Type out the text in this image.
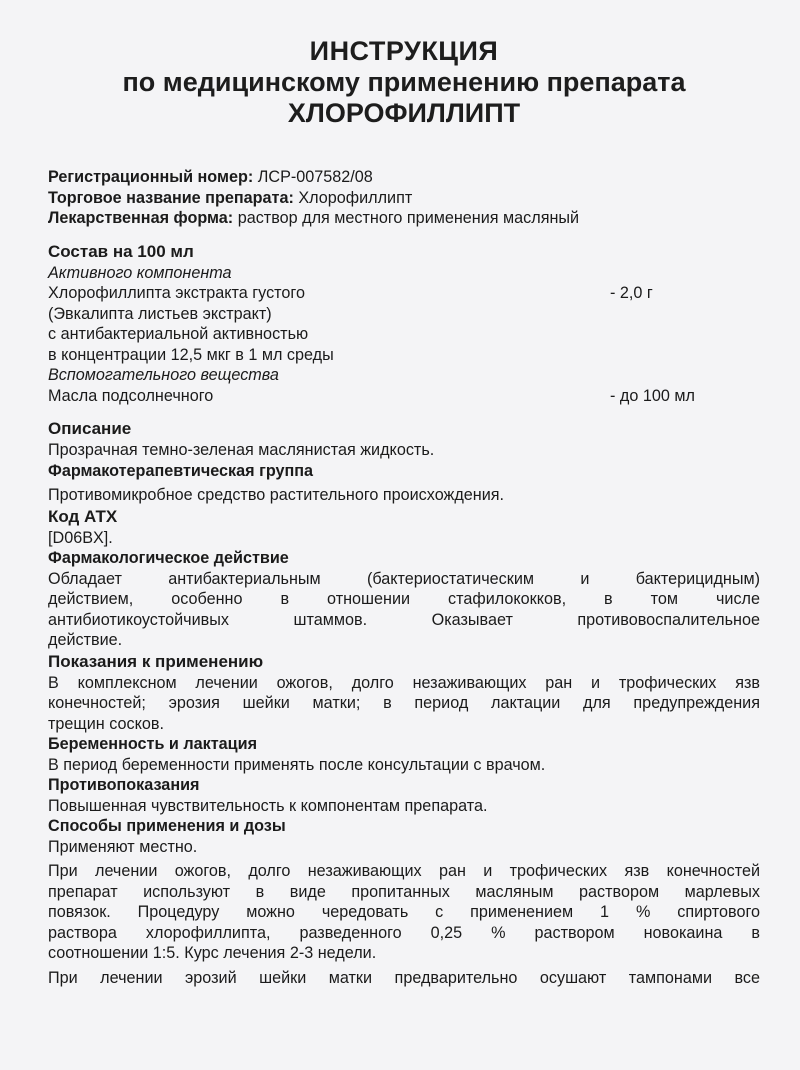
ИНСТРУКЦИЯ
по медицинскому применению препарата
ХЛОРОФИЛЛИПТ

Регистрационный номер: ЛСР-007582/08

Торговое название препарата: Хлорофиллипт

Лекарственная форма: раствор для местного применения масляный

Состав на 100 мл

Активного компонента

Хлорофиллипта экстракта густого	- 2,0 г

(Эвкалипта листьев экстракт)

с антибактериальной активностью

в концентрации 12,5 мкг в 1 мл среды

Вспомогательного вещества

Масла подсолнечного	- до 100 мл

Описание

Прозрачная темно-зеленая маслянистая жидкость.

Фармакотерапевтическая группа

Противомикробное средство растительного происхождения.

Код АТХ

[D06BX].

Фармакологическое действие

Обладает антибактериальным (бактериостатическим и бактерицидным)

действием, особенно в отношении стафилококков, в том числе

антибиотикоустойчивых штаммов. Оказывает противовоспалительное

действие.

Показания к применению

В комплексном лечении ожогов, долго незаживающих ран и трофических язв

конечностей; эрозия шейки матки; в период лактации для предупреждения

трещин сосков.

Беременность и лактация

В период беременности применять после консультации с врачом.

Противопоказания

Повышенная чувствительность к компонентам препарата.

Способы применения и дозы

Применяют местно.

При лечении ожогов, долго незаживающих ран и трофических язв конечностей

препарат используют в виде пропитанных масляным раствором марлевых

повязок. Процедуру можно чередовать с применением 1 % спиртового

раствора хлорофиллипта, разведенного 0,25 % раствором новокаина в

соотношении 1:5. Курс лечения 2-3 недели.

При лечении эрозий шейки матки предварительно осушают тампонами все
